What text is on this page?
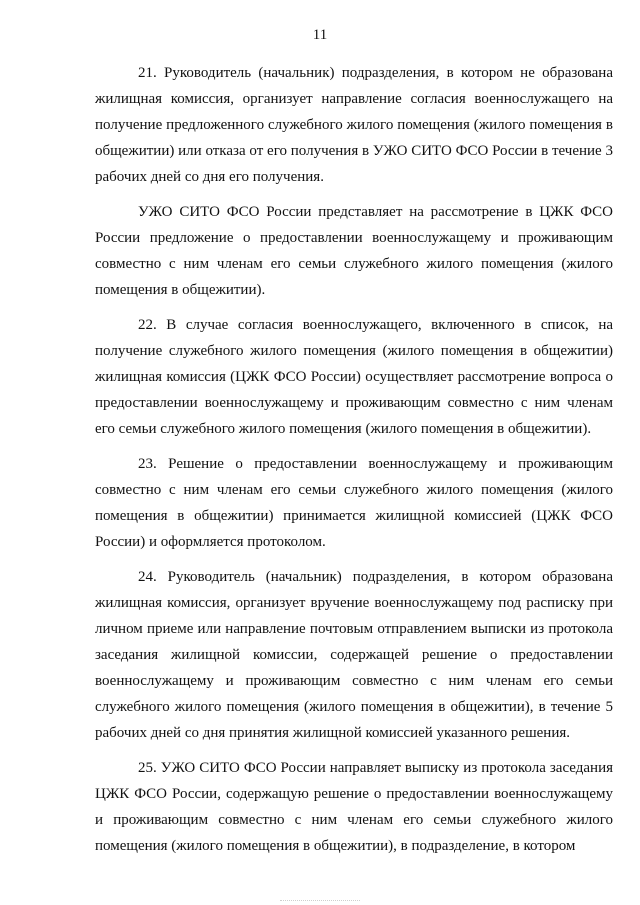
11

21. Руководитель (начальник) подразделения, в котором не образована жилищная комиссия, организует направление согласия военнослужащего на получение предложенного служебного жилого помещения (жилого помещения в общежитии) или отказа от его получения в УЖО СИТО ФСО России в течение 3 рабочих дней со дня его получения.

УЖО СИТО ФСО России представляет на рассмотрение в ЦЖК ФСО России предложение о предоставлении военнослужащему и проживающим совместно с ним членам его семьи служебного жилого помещения (жилого помещения в общежитии).

22. В случае согласия военнослужащего, включенного в список, на получение служебного жилого помещения (жилого помещения в общежитии) жилищная комиссия (ЦЖК ФСО России) осуществляет рассмотрение вопроса о предоставлении военнослужащему и проживающим совместно с ним членам его семьи служебного жилого помещения (жилого помещения в общежитии).

23. Решение о предоставлении военнослужащему и проживающим совместно с ним членам его семьи служебного жилого помещения (жилого помещения в общежитии) принимается жилищной комиссией (ЦЖК ФСО России) и оформляется протоколом.

24. Руководитель (начальник) подразделения, в котором образована жилищная комиссия, организует вручение военнослужащему под расписку при личном приеме или направление почтовым отправлением выписки из протокола заседания жилищной комиссии, содержащей решение о предоставлении военнослужащему и проживающим совместно с ним членам его семьи служебного жилого помещения (жилого помещения в общежитии), в течение 5 рабочих дней со дня принятия жилищной комиссией указанного решения.

25. УЖО СИТО ФСО России направляет выписку из протокола заседания ЦЖК ФСО России, содержащую решение о предоставлении военнослужащему и проживающим совместно с ним членам его семьи служебного жилого помещения (жилого помещения в общежитии), в подразделение, в котором
